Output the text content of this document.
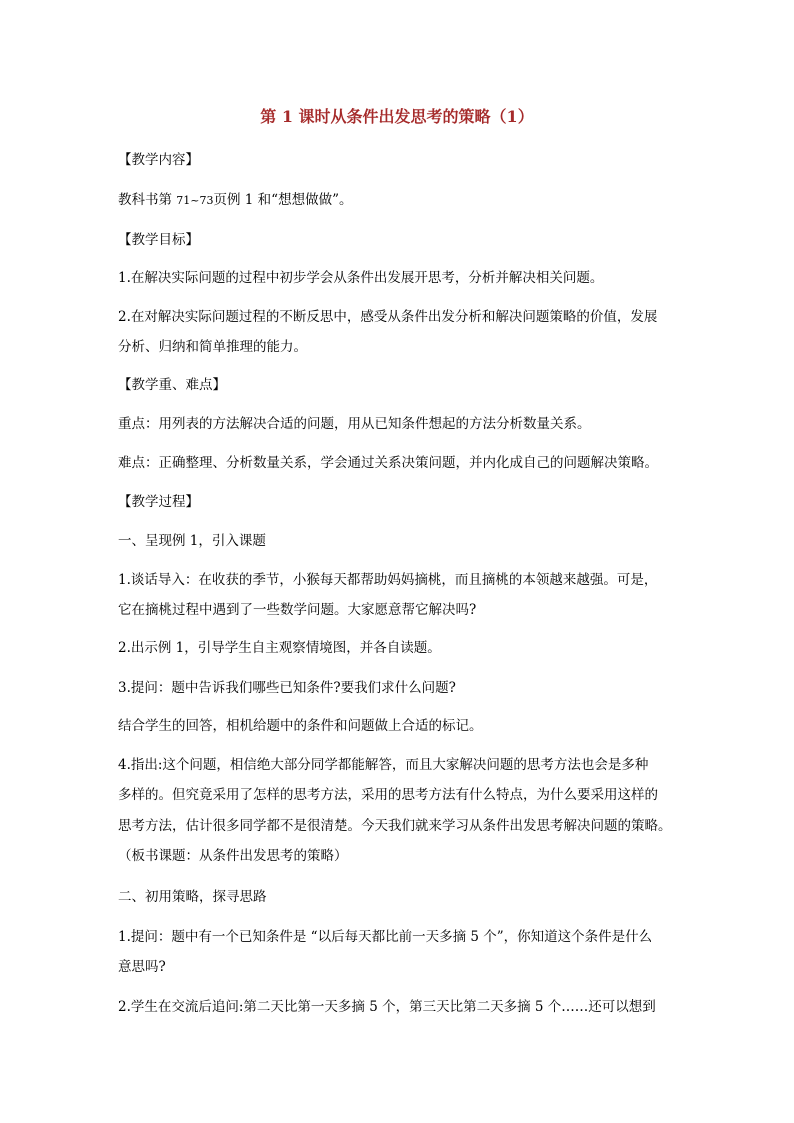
第 1 课时从条件出发思考的策略（1）
【教学内容】
教科书第 71~73页例 1 和“想想做做”。
【教学目标】
1.在解决实际问题的过程中初步学会从条件出发展开思考，分析并解决相关问题。
2.在对解决实际问题过程的不断反思中，感受从条件出发分析和解决问题策略的价值，发展
分析、归纳和简单推理的能力。
【教学重、难点】
重点：用列表的方法解决合适的问题，用从已知条件想起的方法分析数量关系。
难点：正确整理、分析数量关系，学会通过关系决策问题，并内化成自己的问题解决策略。
【教学过程】
一、呈现例 1，引入课题
1.谈话导入：在收获的季节，小猴每天都帮助妈妈摘桃，而且摘桃的本领越来越强。可是，
它在摘桃过程中遇到了一些数学问题。大家愿意帮它解决吗?
2.出示例 1，引导学生自主观察情境图，并各自读题。
3.提问：题中告诉我们哪些已知条件?要我们求什么问题?
结合学生的回答，相机给题中的条件和问题做上合适的标记。
4.指出:这个问题，相信绝大部分同学都能解答，而且大家解决问题的思考方法也会是多种
多样的。但究竟采用了怎样的思考方法，采用的思考方法有什么特点，为什么要采用这样的
思考方法，估计很多同学都不是很清楚。今天我们就来学习从条件出发思考解决问题的策略。
（板书课题：从条件出发思考的策略）
二、初用策略，探寻思路
1.提问：题中有一个已知条件是 “以后每天都比前一天多摘 5 个”，你知道这个条件是什么
意思吗?
2.学生在交流后追问:第二天比第一天多摘 5 个，第三天比第二天多摘 5 个……还可以想到
